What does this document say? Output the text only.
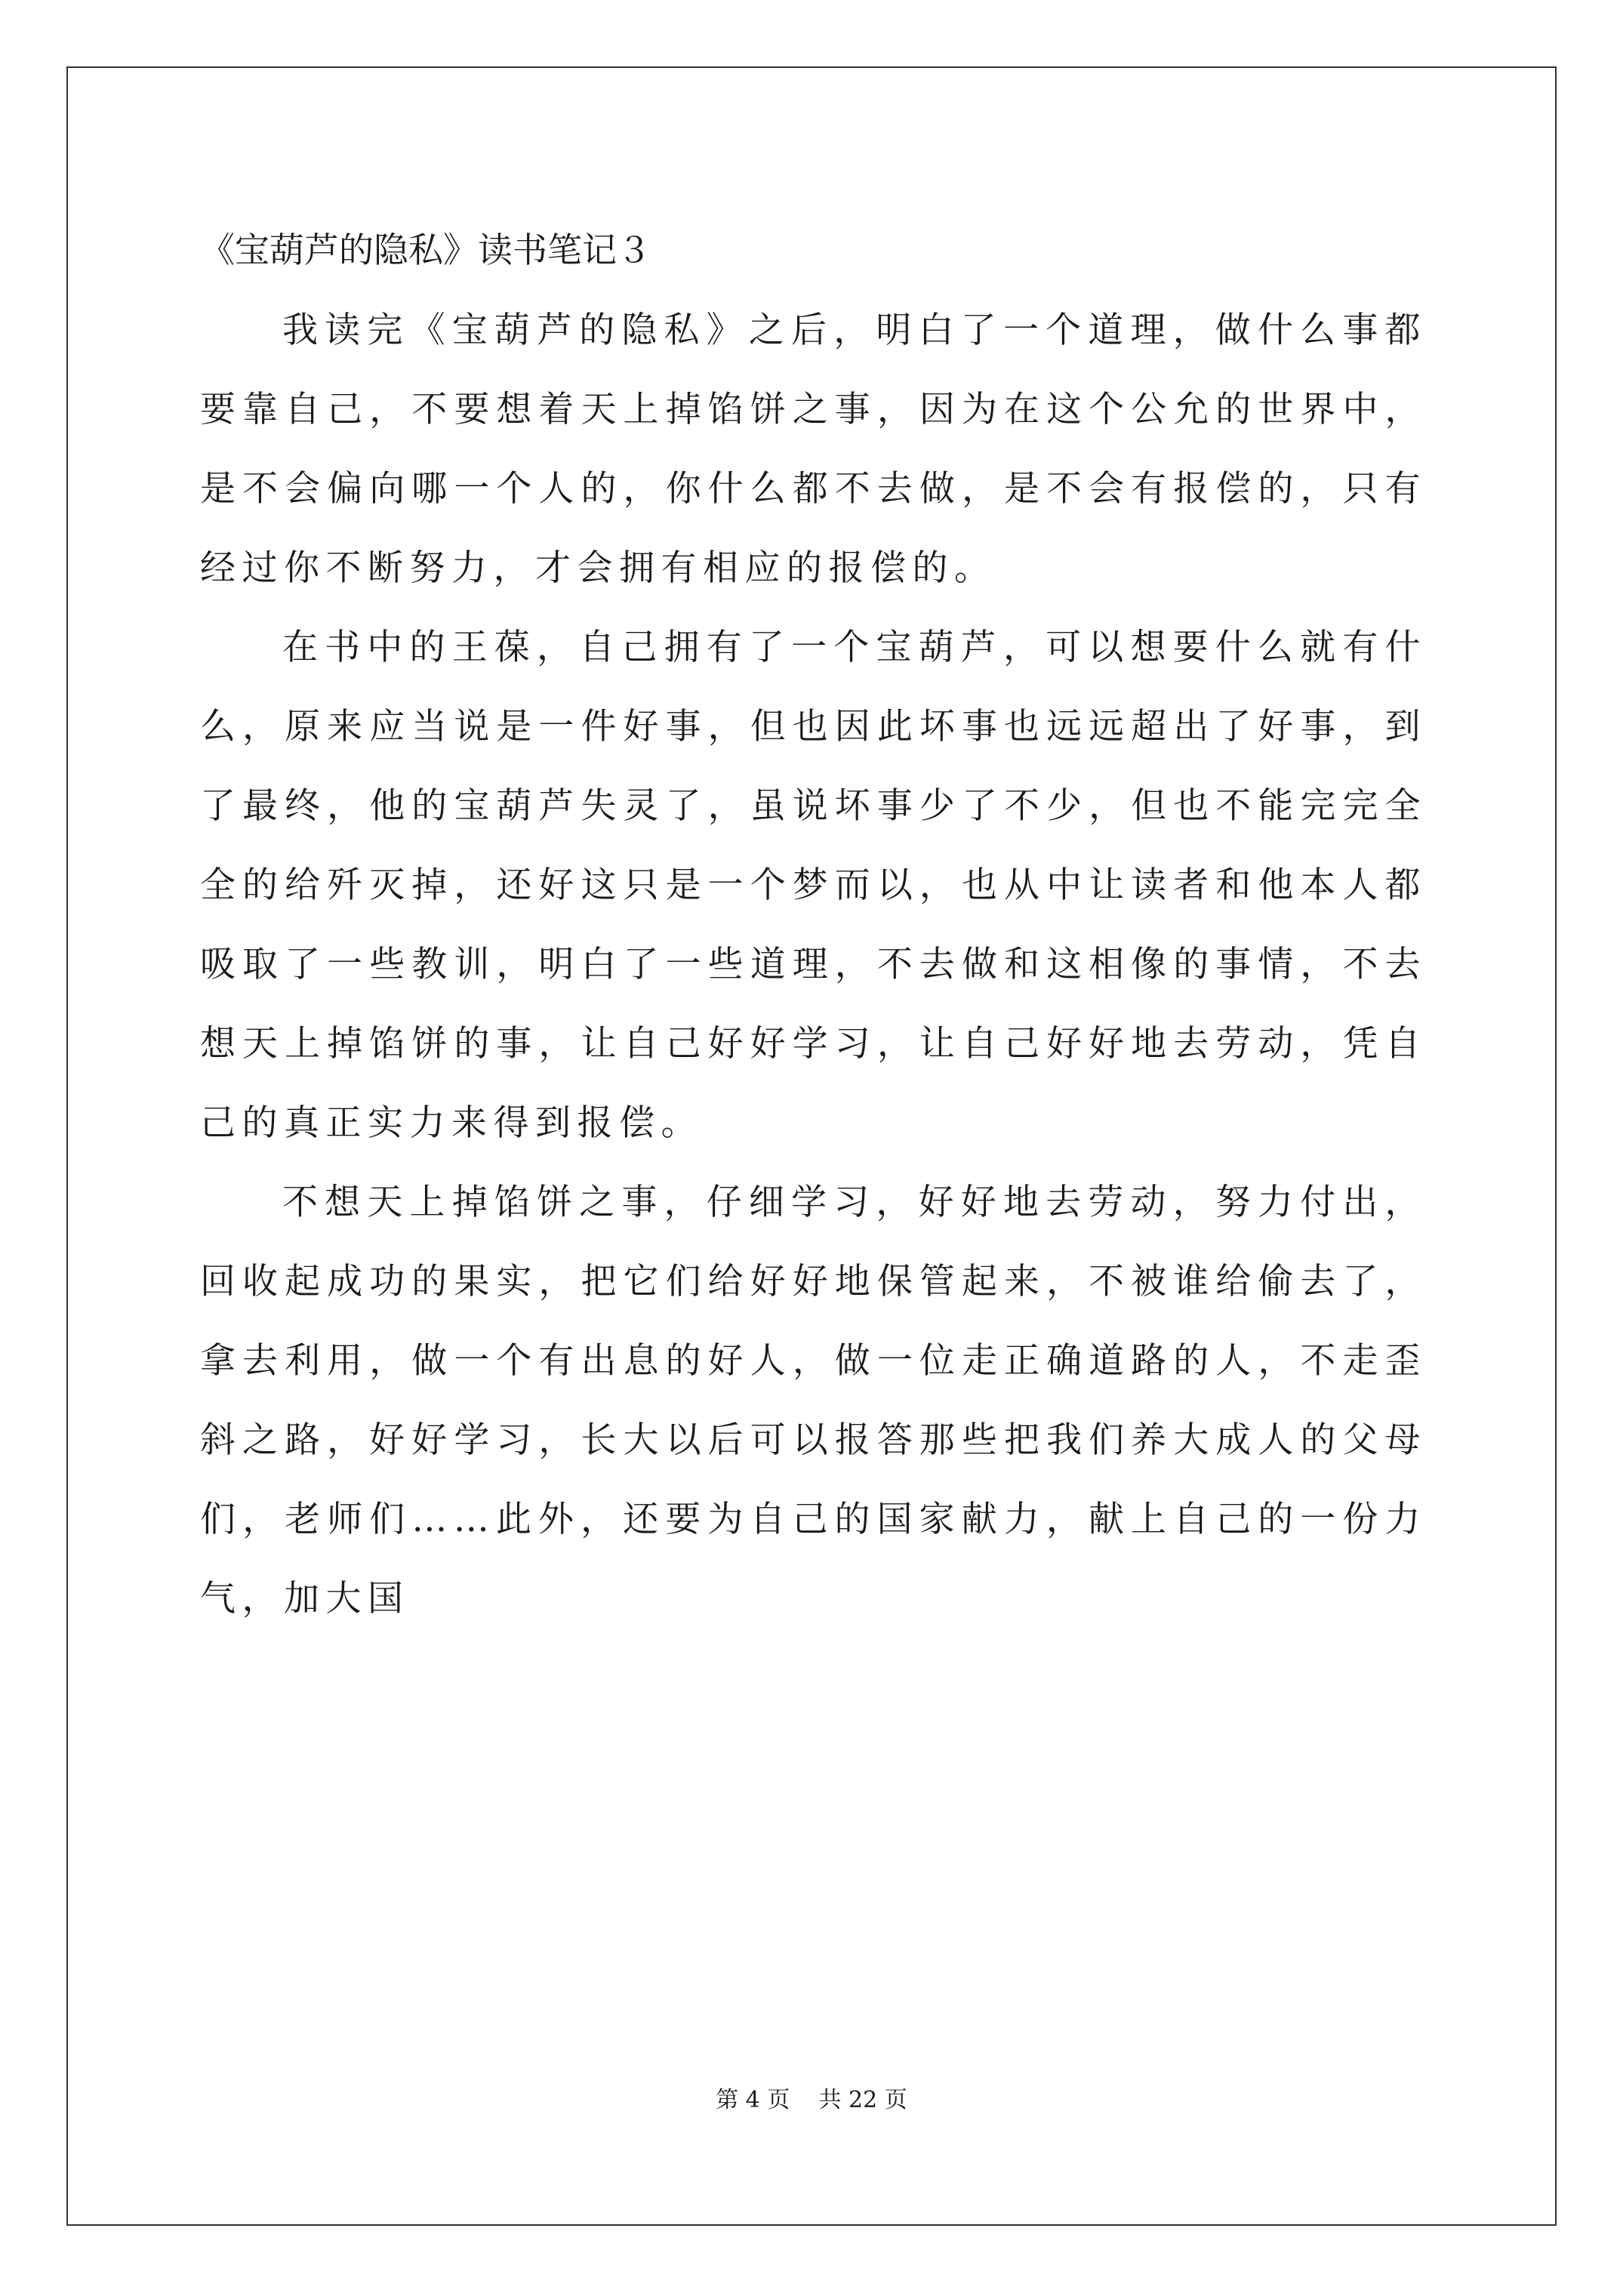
《宝葫芦的隐私》读书笔记３

我读完《宝葫芦的隐私》之后，明白了一个道理，做什么事都要靠自己，不要想着天上掉馅饼之事，因为在这个公允的世界中，是不会偏向哪一个人的，你什么都不去做，是不会有报偿的，只有经过你不断努力，才会拥有相应的报偿的。

在书中的王葆，自己拥有了一个宝葫芦，可以想要什么就有什么，原来应当说是一件好事，但也因此坏事也远远超出了好事，到了最终，他的宝葫芦失灵了，虽说坏事少了不少，但也不能完完全全的给歼灭掉，还好这只是一个梦而以，也从中让读者和他本人都吸取了一些教训，明白了一些道理，不去做和这相像的事情，不去想天上掉馅饼的事，让自己好好学习，让自己好好地去劳动，凭自己的真正实力来得到报偿。

不想天上掉馅饼之事，仔细学习，好好地去劳动，努力付出，回收起成功的果实，把它们给好好地保管起来，不被谁给偷去了，拿去利用，做一个有出息的好人，做一位走正确道路的人，不走歪斜之路，好好学习，长大以后可以报答那些把我们养大成人的父母们，老师们……此外，还要为自己的国家献力，献上自己的一份力气，加大国

第 4 页    共 22 页
